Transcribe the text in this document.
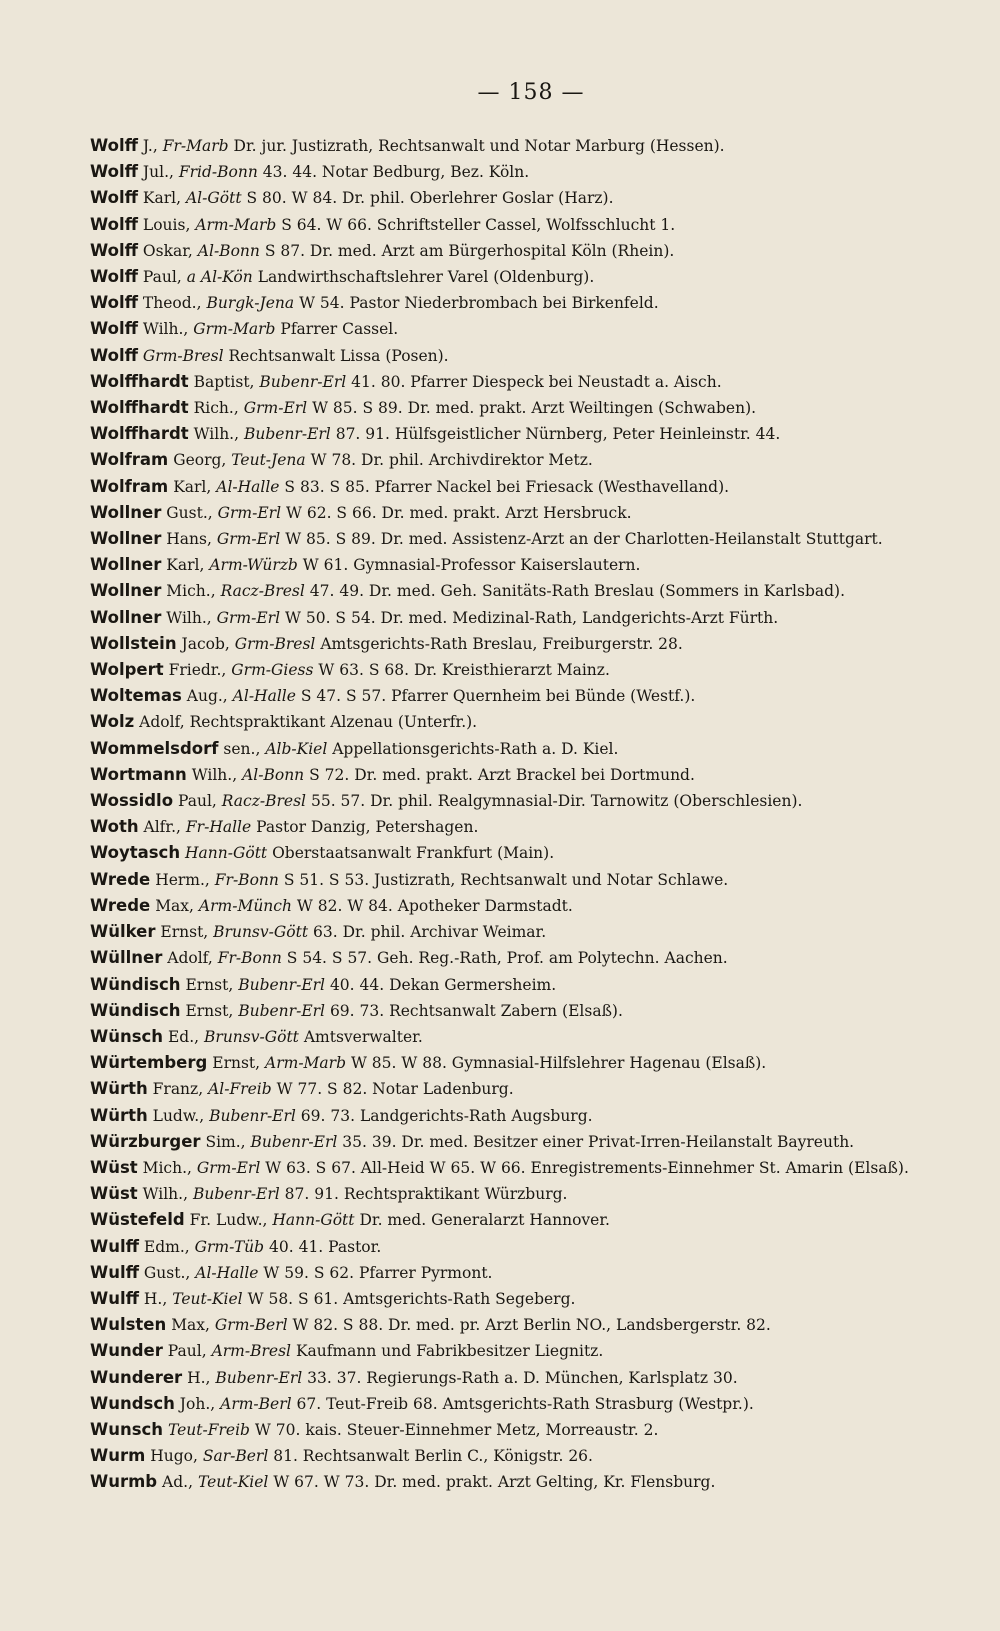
— 158 —
Wolff J., Fr-Marb Dr. jur. Justizrath, Rechtsanwalt und Notar Marburg (Hessen).
Wolff Jul., Frid-Bonn 43. 44. Notar Bedburg, Bez. Köln.
Wolff Karl, Al-Gött S 80. W 84. Dr. phil. Oberlehrer Goslar (Harz).
Wolff Louis, Arm-Marb S 64. W 66. Schriftsteller Cassel, Wolfsschlucht 1.
Wolff Oskar, Al-Bonn S 87. Dr. med. Arzt am Bürgerhospital Köln (Rhein).
Wolff Paul, a Al-Kön Landwirthschaftslehrer Varel (Oldenburg).
Wolff Theod., Burgk-Jena W 54. Pastor Niederbrombach bei Birkenfeld.
Wolff Wilh., Grm-Marb Pfarrer Cassel.
Wolff Grm-Bresl Rechtsanwalt Lissa (Posen).
Wolffhardt Baptist, Bubenr-Erl 41. 80. Pfarrer Diespeck bei Neustadt a. Aisch.
Wolffhardt Rich., Grm-Erl W 85. S 89. Dr. med. prakt. Arzt Weiltingen (Schwaben).
Wolffhardt Wilh., Bubenr-Erl 87. 91. Hülfsgeistlicher Nürnberg, Peter Heinleinstr. 44.
Wolfram Georg, Teut-Jena W 78. Dr. phil. Archivdirektor Metz.
Wolfram Karl, Al-Halle S 83. S 85. Pfarrer Nackel bei Friesack (Westhavelland).
Wollner Gust., Grm-Erl W 62. S 66. Dr. med. prakt. Arzt Hersbruck.
Wollner Hans, Grm-Erl W 85. S 89. Dr. med. Assistenz-Arzt an der Charlotten-Heilanstalt Stuttgart.
Wollner Karl, Arm-Würzb W 61. Gymnasial-Professor Kaiserslautern.
Wollner Mich., Racz-Bresl 47. 49. Dr. med. Geh. Sanitäts-Rath Breslau (Sommers in Karlsbad).
Wollner Wilh., Grm-Erl W 50. S 54. Dr. med. Medizinal-Rath, Landgerichts-Arzt Fürth.
Wollstein Jacob, Grm-Bresl Amtsgerichts-Rath Breslau, Freiburgerstr. 28.
Wolpert Friedr., Grm-Giess W 63. S 68. Dr. Kreisthierarzt Mainz.
Woltemas Aug., Al-Halle S 47. S 57. Pfarrer Quernheim bei Bünde (Westf.).
Wolz Adolf, Rechtspraktikant Alzenau (Unterfr.).
Wommelsdorf sen., Alb-Kiel Appellationsgerichts-Rath a. D. Kiel.
Wortmann Wilh., Al-Bonn S 72. Dr. med. prakt. Arzt Brackel bei Dortmund.
Wossidlo Paul, Racz-Bresl 55. 57. Dr. phil. Realgymnasial-Dir. Tarnowitz (Oberschlesien).
Woth Alfr., Fr-Halle Pastor Danzig, Petershagen.
Woytasch Hann-Gött Oberstaatsanwalt Frankfurt (Main).
Wrede Herm., Fr-Bonn S 51. S 53. Justizrath, Rechtsanwalt und Notar Schlawe.
Wrede Max, Arm-Münch W 82. W 84. Apotheker Darmstadt.
Wülker Ernst, Brunsv-Gött 63. Dr. phil. Archivar Weimar.
Wüllner Adolf, Fr-Bonn S 54. S 57. Geh. Reg.-Rath, Prof. am Polytechn. Aachen.
Wündisch Ernst, Bubenr-Erl 40. 44. Dekan Germersheim.
Wündisch Ernst, Bubenr-Erl 69. 73. Rechtsanwalt Zabern (Elsaß).
Wünsch Ed., Brunsv-Gött Amtsverwalter.
Würtemberg Ernst, Arm-Marb W 85. W 88. Gymnasial-Hilfslehrer Hagenau (Elsaß).
Würth Franz, Al-Freib W 77. S 82. Notar Ladenburg.
Würth Ludw., Bubenr-Erl 69. 73. Landgerichts-Rath Augsburg.
Würzburger Sim., Bubenr-Erl 35. 39. Dr. med. Besitzer einer Privat-Irren-Heilanstalt Bayreuth.
Wüst Mich., Grm-Erl W 63. S 67. All-Heid W 65. W 66. Enregistrements-Einnehmer St. Amarin (Elsaß).
Wüst Wilh., Bubenr-Erl 87. 91. Rechtspraktikant Würzburg.
Wüstefeld Fr. Ludw., Hann-Gött Dr. med. Generalarzt Hannover.
Wulff Edm., Grm-Tüb 40. 41. Pastor.
Wulff Gust., Al-Halle W 59. S 62. Pfarrer Pyrmont.
Wulff H., Teut-Kiel W 58. S 61. Amtsgerichts-Rath Segeberg.
Wulsten Max, Grm-Berl W 82. S 88. Dr. med. pr. Arzt Berlin NO., Landsbergerstr. 82.
Wunder Paul, Arm-Bresl Kaufmann und Fabrikbesitzer Liegnitz.
Wunderer H., Bubenr-Erl 33. 37. Regierungs-Rath a. D. München, Karlsplatz 30.
Wundsch Joh., Arm-Berl 67. Teut-Freib 68. Amtsgerichts-Rath Strasburg (Westpr.).
Wunsch Teut-Freib W 70. kais. Steuer-Einnehmer Metz, Morreaustr. 2.
Wurm Hugo, Sar-Berl 81. Rechtsanwalt Berlin C., Königstr. 26.
Wurmb Ad., Teut-Kiel W 67. W 73. Dr. med. prakt. Arzt Gelting, Kr. Flensburg.
